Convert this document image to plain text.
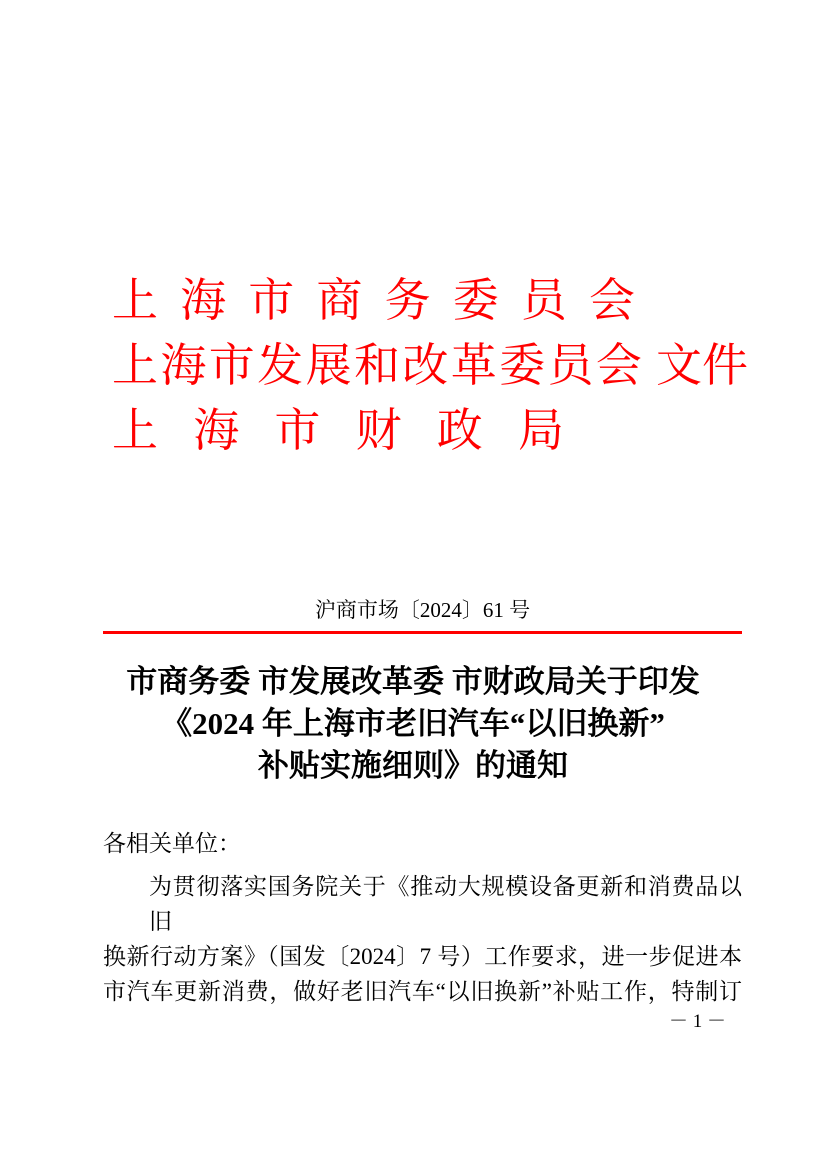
上 海 市 商 务 委 员 会
上 海 市 发 展 和 改 革 委 员 会 文 件
上 海 市 财 政 局
沪商市场〔2024〕61 号
市商务委 市发展改革委 市财政局关于印发
《2024 年上海市老旧汽车“以旧换新”
补贴实施细则》的通知
各相关单位：
为贯彻落实国务院关于《推动大规模设备更新和消费品以旧
换新行动方案》（国发〔2024〕7 号）工作要求，进一步促进本
市汽车更新消费，做好老旧汽车“以旧换新”补贴工作，特制订
－ 1 －
